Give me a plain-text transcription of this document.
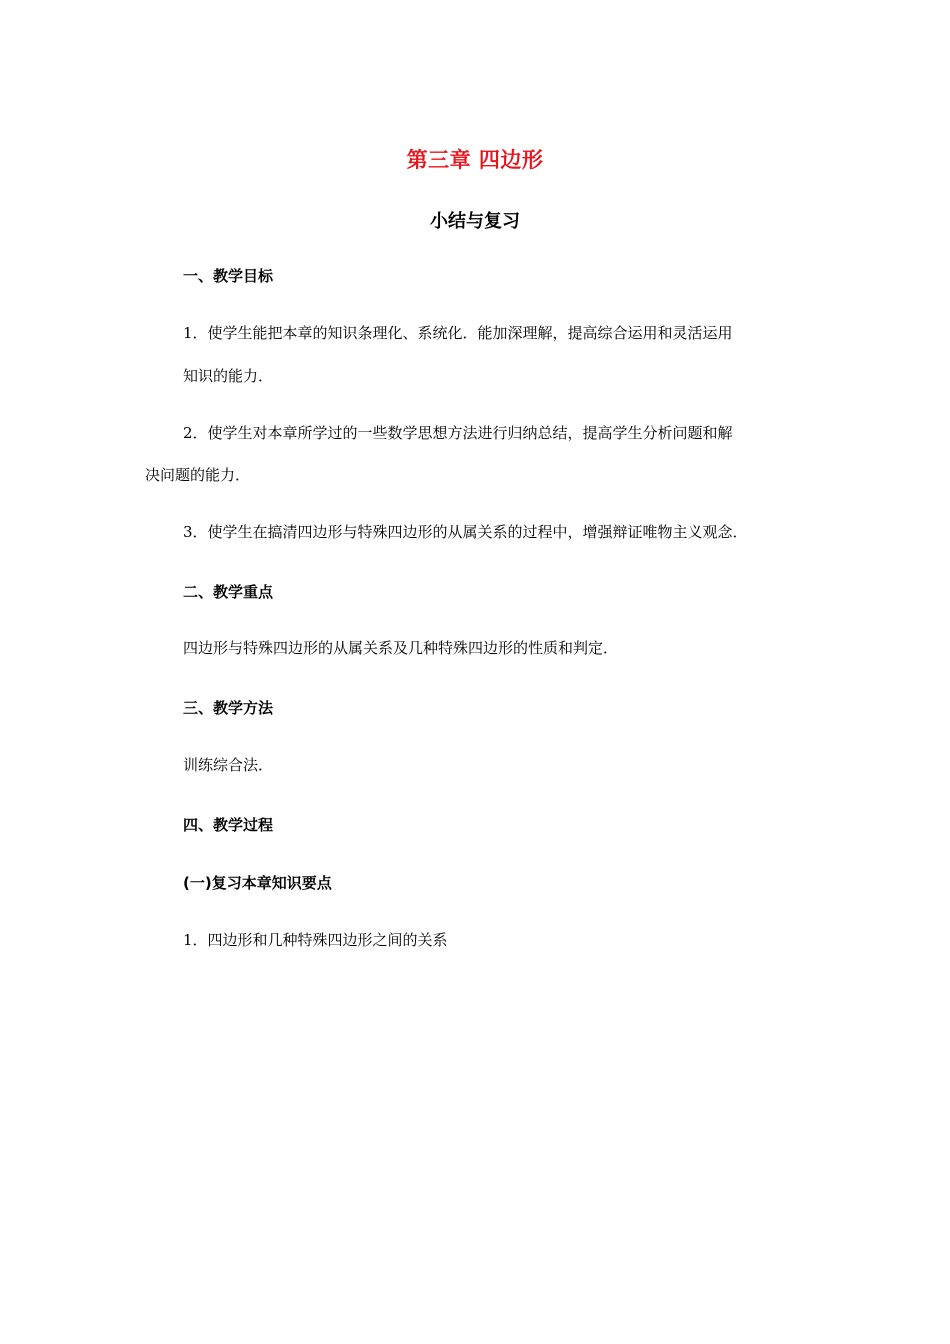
第三章 四边形
小结与复习
一、教学目标
1．使学生能把本章的知识条理化、系统化．能加深理解，提高综合运用和灵活运用
知识的能力．
2．使学生对本章所学过的一些数学思想方法进行归纳总结，提高学生分析问题和解
决问题的能力．
3．使学生在搞清四边形与特殊四边形的从属关系的过程中，增强辩证唯物主义观念．
二、教学重点
四边形与特殊四边形的从属关系及几种特殊四边形的性质和判定．
三、教学方法
训练综合法．
四、教学过程
(一)复习本章知识要点
1．四边形和几种特殊四边形之间的关系
